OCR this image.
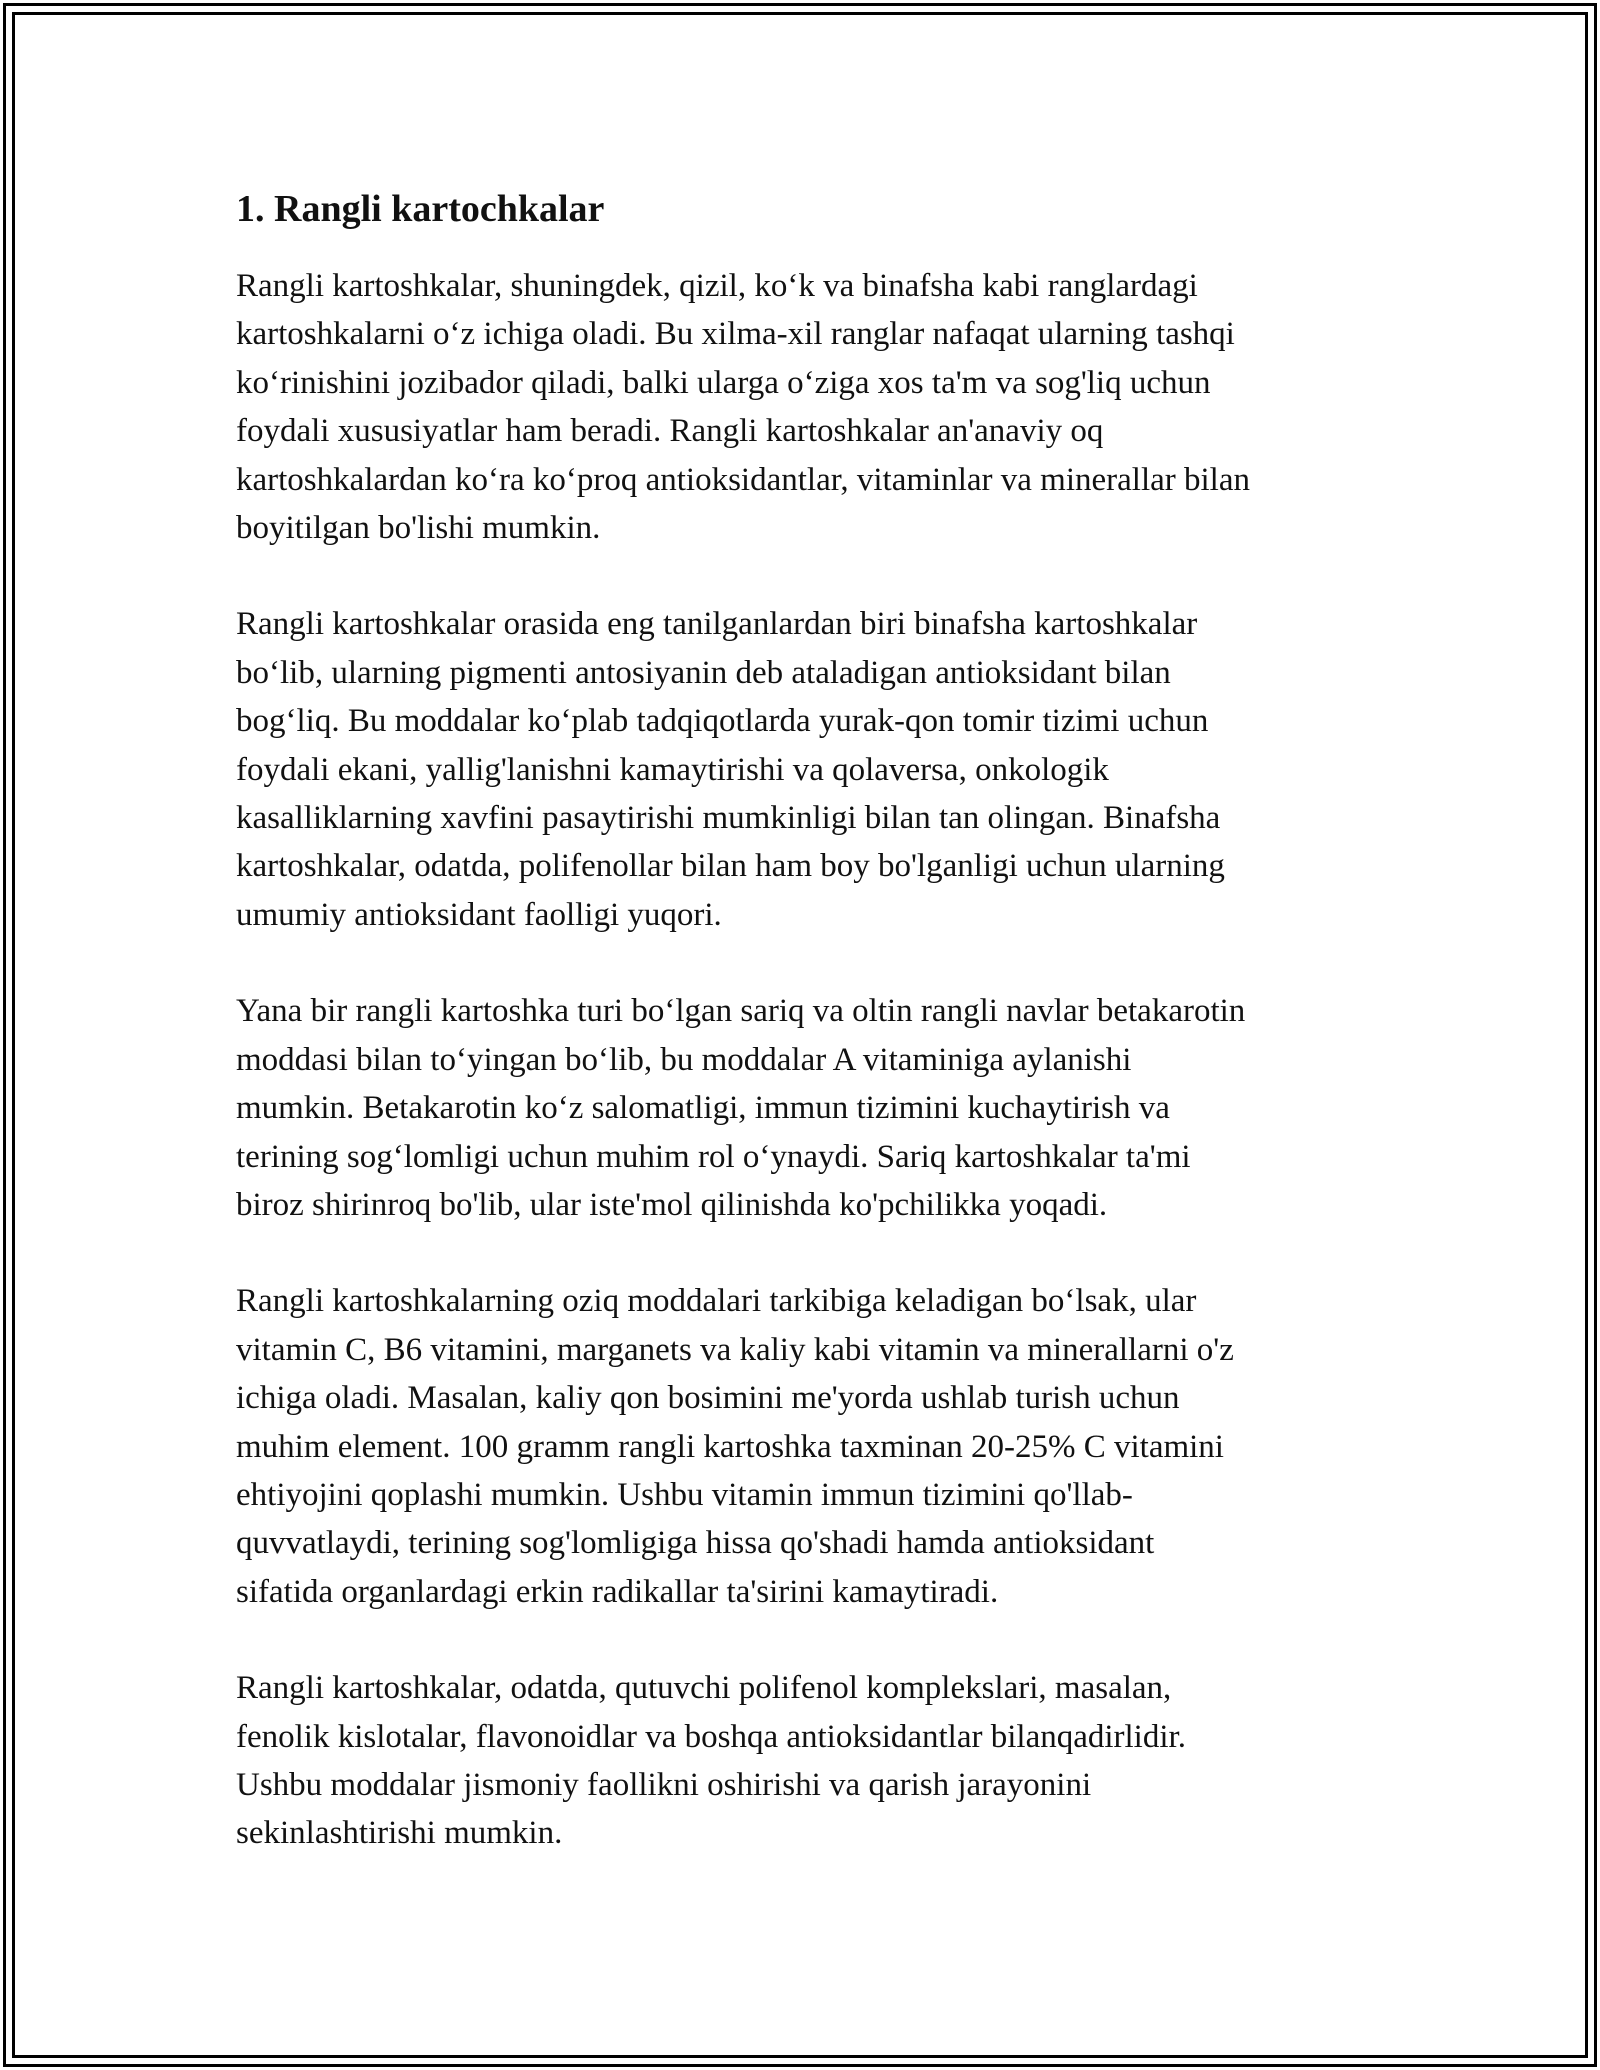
1. Rangli kartochkalar

Rangli kartoshkalar, shuningdek, qizil, ko‘k va binafsha kabi ranglardagi
kartoshkalarni o‘z ichiga oladi. Bu xilma-xil ranglar nafaqat ularning tashqi
ko‘rinishini jozibador qiladi, balki ularga o‘ziga xos ta'm va sog'liq uchun
foydali xususiyatlar ham beradi. Rangli kartoshkalar an'anaviy oq
kartoshkalardan ko‘ra ko‘proq antioksidantlar, vitaminlar va minerallar bilan
boyitilgan bo'lishi mumkin.

Rangli kartoshkalar orasida eng tanilganlardan biri binafsha kartoshkalar
bo‘lib, ularning pigmenti antosiyanin deb ataladigan antioksidant bilan
bog‘liq. Bu moddalar ko‘plab tadqiqotlarda yurak-qon tomir tizimi uchun
foydali ekani, yallig'lanishni kamaytirishi va qolaversa, onkologik
kasalliklarning xavfini pasaytirishi mumkinligi bilan tan olingan. Binafsha
kartoshkalar, odatda, polifenollar bilan ham boy bo'lganligi uchun ularning
umumiy antioksidant faolligi yuqori.

Yana bir rangli kartoshka turi bo‘lgan sariq va oltin rangli navlar betakarotin
moddasi bilan to‘yingan bo‘lib, bu moddalar A vitaminiga aylanishi
mumkin. Betakarotin ko‘z salomatligi, immun tizimini kuchaytirish va
terining sog‘lomligi uchun muhim rol o‘ynaydi. Sariq kartoshkalar ta'mi
biroz shirinroq bo'lib, ular iste'mol qilinishda ko'pchilikka yoqadi.

Rangli kartoshkalarning oziq moddalari tarkibiga keladigan bo‘lsak, ular
vitamin C, B6 vitamini, marganets va kaliy kabi vitamin va minerallarni o'z
ichiga oladi. Masalan, kaliy qon bosimini me'yorda ushlab turish uchun
muhim element. 100 gramm rangli kartoshka taxminan 20-25% C vitamini
ehtiyojini qoplashi mumkin. Ushbu vitamin immun tizimini qo'llab-
quvvatlaydi, terining sog'lomligiga hissa qo'shadi hamda antioksidant
sifatida organlardagi erkin radikallar ta'sirini kamaytiradi.

Rangli kartoshkalar, odatda, qutuvchi polifenol komplekslari, masalan,
fenolik kislotalar, flavonoidlar va boshqa antioksidantlar bilanqadirlidir.
Ushbu moddalar jismoniy faollikni oshirishi va qarish jarayonini
sekinlashtirishi mumkin.
